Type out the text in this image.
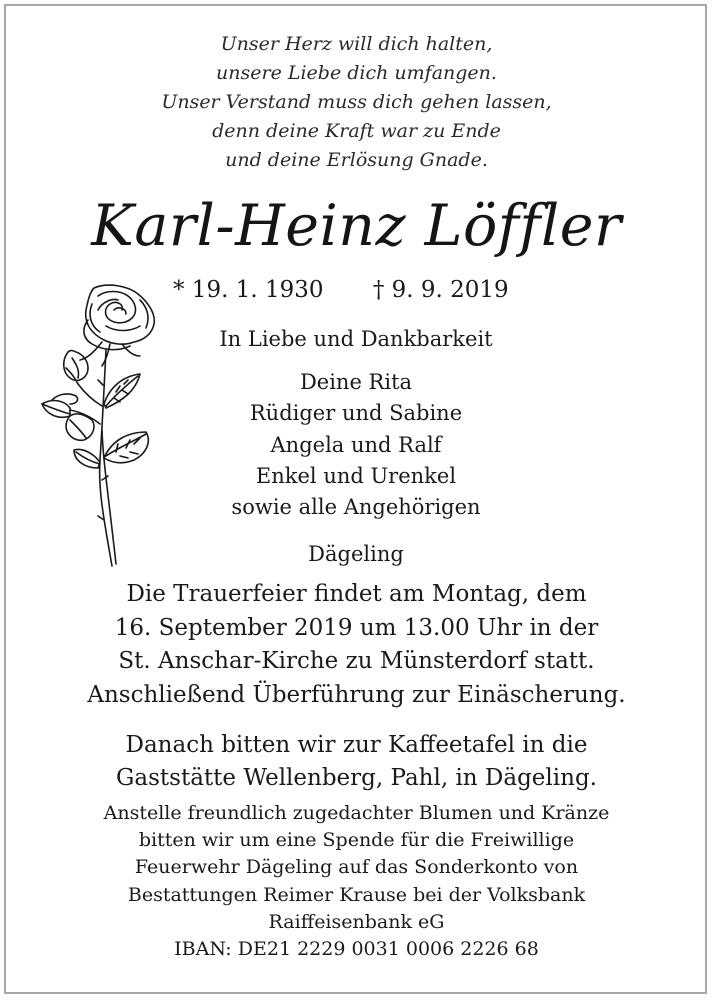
Unser Herz will dich halten,
unsere Liebe dich umfangen.
Unser Verstand muss dich gehen lassen,
denn deine Kraft war zu Ende
und deine Erlösung Gnade.
Karl-Heinz Löffler
* 19. 1. 1930 † 9. 9. 2019
In Liebe und Dankbarkeit
Deine Rita
Rüdiger und Sabine
Angela und Ralf
Enkel und Urenkel
sowie alle Angehörigen
Dägeling
Die Trauerfeier findet am Montag, dem
16. September 2019 um 13.00 Uhr in der
St. Anschar-Kirche zu Münsterdorf statt.
Anschließend Überführung zur Einäscherung.
Danach bitten wir zur Kaffeetafel in die
Gaststätte Wellenberg, Pahl, in Dägeling.
Anstelle freundlich zugedachter Blumen und Kränze
bitten wir um eine Spende für die Freiwillige
Feuerwehr Dägeling auf das Sonderkonto von
Bestattungen Reimer Krause bei der Volksbank
Raiffeisenbank eG
IBAN: DE21 2229 0031 0006 2226 68
